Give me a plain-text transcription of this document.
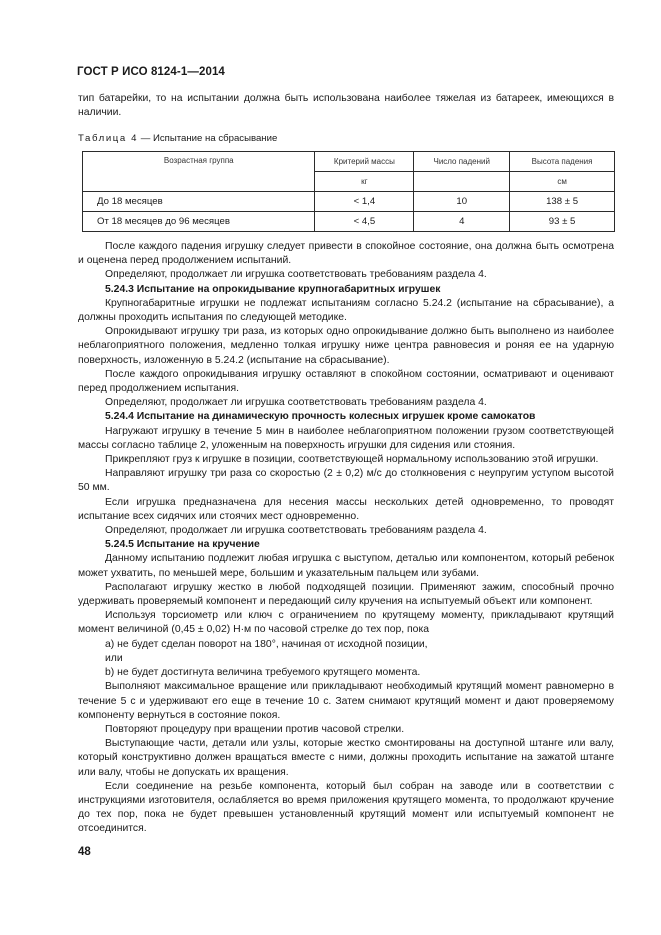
ГОСТ Р ИСО 8124-1—2014

тип батарейки, то на испытании должна быть использована наиболее тяжелая из батареек, имеющихся в наличии.

Таблица 4 — Испытание на сбрасывание
Возрастная группа	Критерий массы	Число падений	Высота падения
	кг		см
До 18 месяцев	< 1,4	10	138 ± 5
От 18 месяцев до 96 месяцев	< 4,5	4	93 ± 5

После каждого падения игрушку следует привести в спокойное состояние, она должна быть осмотрена и оценена перед продолжением испытаний.

Определяют, продолжает ли игрушка соответствовать требованиям раздела 4.

5.24.3 Испытание на опрокидывание крупногабаритных игрушек

Крупногабаритные игрушки не подлежат испытаниям согласно 5.24.2 (испытание на сбрасывание), а должны проходить испытания по следующей методике.

Опрокидывают игрушку три раза, из которых одно опрокидывание должно быть выполнено из наиболее неблагоприятного положения, медленно толкая игрушку ниже центра равновесия и роняя ее на ударную поверхность, изложенную в 5.24.2 (испытание на сбрасывание).

После каждого опрокидывания игрушку оставляют в спокойном состоянии, осматривают и оценивают перед продолжением испытания.

Определяют, продолжает ли игрушка соответствовать требованиям раздела 4.

5.24.4 Испытание на динамическую прочность колесных игрушек кроме самокатов

Нагружают игрушку в течение 5 мин в наиболее неблагоприятном положении грузом соответствующей массы согласно таблице 2, уложенным на поверхность игрушки для сидения или стояния.

Прикрепляют груз к игрушке в позиции, соответствующей нормальному использованию этой игрушки.

Направляют игрушку три раза со скоростью (2 ± 0,2) м/с до столкновения с неупругим уступом высотой 50 мм.

Если игрушка предназначена для несения массы нескольких детей одновременно, то проводят испытание всех сидячих или стоячих мест одновременно.

Определяют, продолжает ли игрушка соответствовать требованиям раздела 4.

5.24.5 Испытание на кручение

Данному испытанию подлежит любая игрушка с выступом, деталью или компонентом, который ребенок может ухватить, по меньшей мере, большим и указательным пальцем или зубами.

Располагают игрушку жестко в любой подходящей позиции. Применяют зажим, способный прочно удерживать проверяемый компонент и передающий силу кручения на испытуемый объект или компонент.

Используя торсиометр или ключ с ограничением по крутящему моменту, прикладывают крутящий момент величиной (0,45 ± 0,02) Н·м по часовой стрелке до тех пор, пока

a) не будет сделан поворот на 180°, начиная от исходной позиции,

или

b) не будет достигнута величина требуемого крутящего момента.

Выполняют максимальное вращение или прикладывают необходимый крутящий момент равномерно в течение 5 с и удерживают его еще в течение 10 с. Затем снимают крутящий момент и дают проверяемому компоненту вернуться в состояние покоя.

Повторяют процедуру при вращении против часовой стрелки.

Выступающие части, детали или узлы, которые жестко смонтированы на доступной штанге или валу, который конструктивно должен вращаться вместе с ними, должны проходить испытание на зажатой штанге или валу, чтобы не допускать их вращения.

Если соединение на резьбе компонента, который был собран на заводе или в соответствии с инструкциями изготовителя, ослабляется во время приложения крутящего момента, то продолжают кручение до тех пор, пока не будет превышен установленный крутящий момент или испытуемый компонент не отсоединится.

48
